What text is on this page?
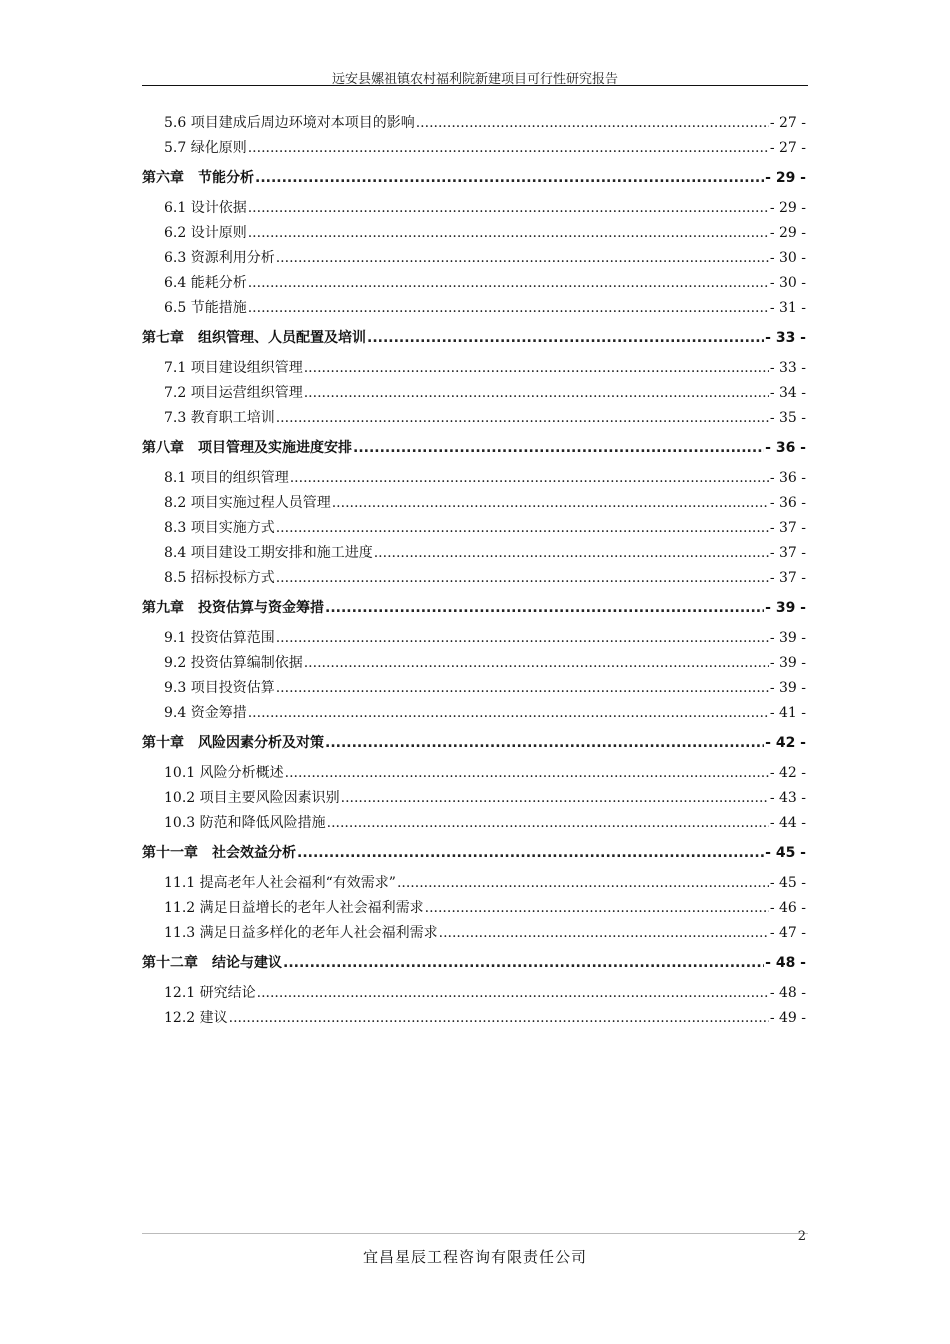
远安县嫘祖镇农村福利院新建项目可行性研究报告
5.6 项目建成后周边环境对本项目的影响 .....	- 27 -
5.7 绿化原则 .....	- 27 -
第六章 节能分析 .....	- 29 -
6.1 设计依据 .....	- 29 -
6.2 设计原则 .....	- 29 -
6.3 资源利用分析 .....	- 30 -
6.4 能耗分析 .....	- 30 -
6.5 节能措施 .....	- 31 -
第七章 组织管理、人员配置及培训 .....	- 33 -
7.1 项目建设组织管理 .....	- 33 -
7.2 项目运营组织管理 .....	- 34 -
7.3 教育职工培训 .....	- 35 -
第八章 项目管理及实施进度安排 .....	- 36 -
8.1 项目的组织管理 .....	- 36 -
8.2 项目实施过程人员管理 .....	- 36 -
8.3 项目实施方式 .....	- 37 -
8.4 项目建设工期安排和施工进度 .....	- 37 -
8.5 招标投标方式 .....	- 37 -
第九章 投资估算与资金筹措 .....	- 39 -
9.1 投资估算范围 .....	- 39 -
9.2 投资估算编制依据 .....	- 39 -
9.3 项目投资估算 .....	- 39 -
9.4 资金筹措 .....	- 41 -
第十章 风险因素分析及对策 .....	- 42 -
10.1 风险分析概述 .....	- 42 -
10.2 项目主要风险因素识别 .....	- 43 -
10.3 防范和降低风险措施 .....	- 44 -
第十一章 社会效益分析 .....	- 45 -
11.1 提高老年人社会福利“有效需求” .....	- 45 -
11.2 满足日益增长的老年人社会福利需求 .....	- 46 -
11.3 满足日益多样化的老年人社会福利需求 .....	- 47 -
第十二章 结论与建议 .....	- 48 -
12.1 研究结论 .....	- 48 -
12.2 建议 .....	- 49 -
2
宜昌星辰工程咨询有限责任公司
